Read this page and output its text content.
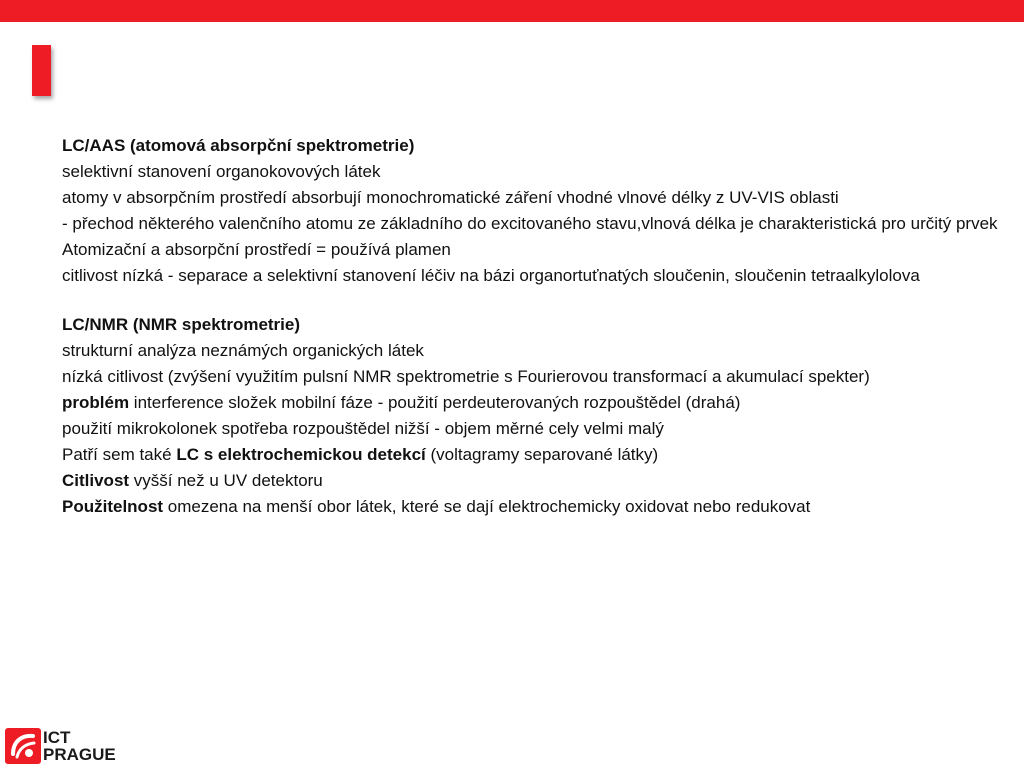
LC/AAS (atomová absorpční spektrometrie)
selektivní stanovení organokovových látek
atomy v absorpčním prostředí absorbují monochromatické záření vhodné vlnové délky z UV-VIS oblasti
- přechod některého valenčního atomu ze základního do excitovaného stavu,vlnová délka je charakteristická pro určitý prvek
Atomizační a absorpční prostředí = používá plamen
citlivost nízká - separace a selektivní stanovení léčiv na bázi organortuťnatých sloučenin, sloučenin tetraalkylolova
LC/NMR (NMR spektrometrie)
strukturní analýza neznámých organických látek
nízká citlivost (zvýšení využitím pulsní NMR spektrometrie s Fourierovou transformací a akumulací spekter)
problém interference složek mobilní fáze - použití perdeuterovaných rozpouštědel (drahá)
použití mikrokolonek spotřeba rozpouštědel nižší - objem měrné cely velmi malý
Patří sem také LC s elektrochemickou detekcí (voltagramy separované látky)
Citlivost vyšší než u UV detektoru
Použitelnost omezena na menší obor látek, které se dají elektrochemicky oxidovat nebo redukovat
ICT
PRAGUE
